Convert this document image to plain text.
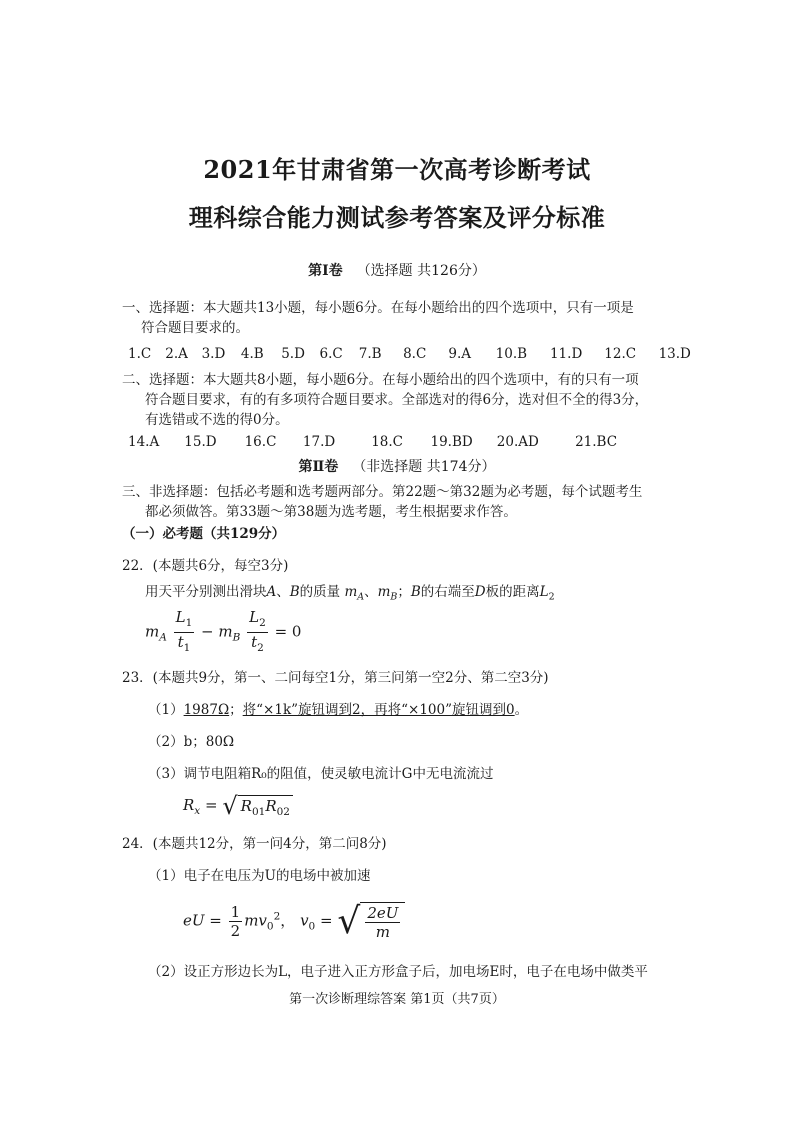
2021年甘肃省第一次高考诊断考试
理科综合能力测试参考答案及评分标准
第Ⅰ卷 （选择题 共126分）
一、选择题：本大题共13小题，每小题6分。在每小题给出的四个选项中，只有一项是
符合题目要求的。
1.C 2.A 3.D 4.B 5.D 6.C 7.B 8.C 9.A 10.B 11.D 12.C 13.D
二、选择题：本大题共8小题，每小题6分。在每小题给出的四个选项中，有的只有一项
符合题目要求，有的有多项符合题目要求。全部选对的得6分，选对但不全的得3分，
有选错或不选的得0分。
14.A 15.D 16.C 17.D	18.C 19.BD 20.AD	21.BC
第Ⅱ卷 （非选择题 共174分）
三、非选择题：包括必考题和选考题两部分。第22题～第32题为必考题，每个试题考生
都必须做答。第33题～第38题为选考题，考生根据要求作答。
（一）必考题（共129分）
22．(本题共6分，每空3分)
用天平分别测出滑块A、B的质量 $m_A$、$m_B$；B的右端至D板的距离$L_2$
$m_A \frac{L_1}{t_1} - m_B \frac{L_2}{t_2} = 0$
23．(本题共9分，第一、二问每空1分，第三问第一空2分、第二空3分)
（1）1987Ω；将“×1k”旋钮调到2，再将“×100”旋钮调到0。
（2）b；80Ω
（3）调节电阻箱R₀的阻值，使灵敏电流计G中无电流流过
$R_x$ = √ $R_{01}R_{02}$
24．(本题共12分，第一问4分，第二问8分)
（1）电子在电压为U的电场中被加速
eU = $\frac{1}{2} mv_0^2$， $v_0$ = √ $\frac{2eU}{m}$
（2）设正方形边长为L，电子进入正方形盒子后，加电场E时，电子在电场中做类平
第一次诊断理综答案 第1页（共7页）
